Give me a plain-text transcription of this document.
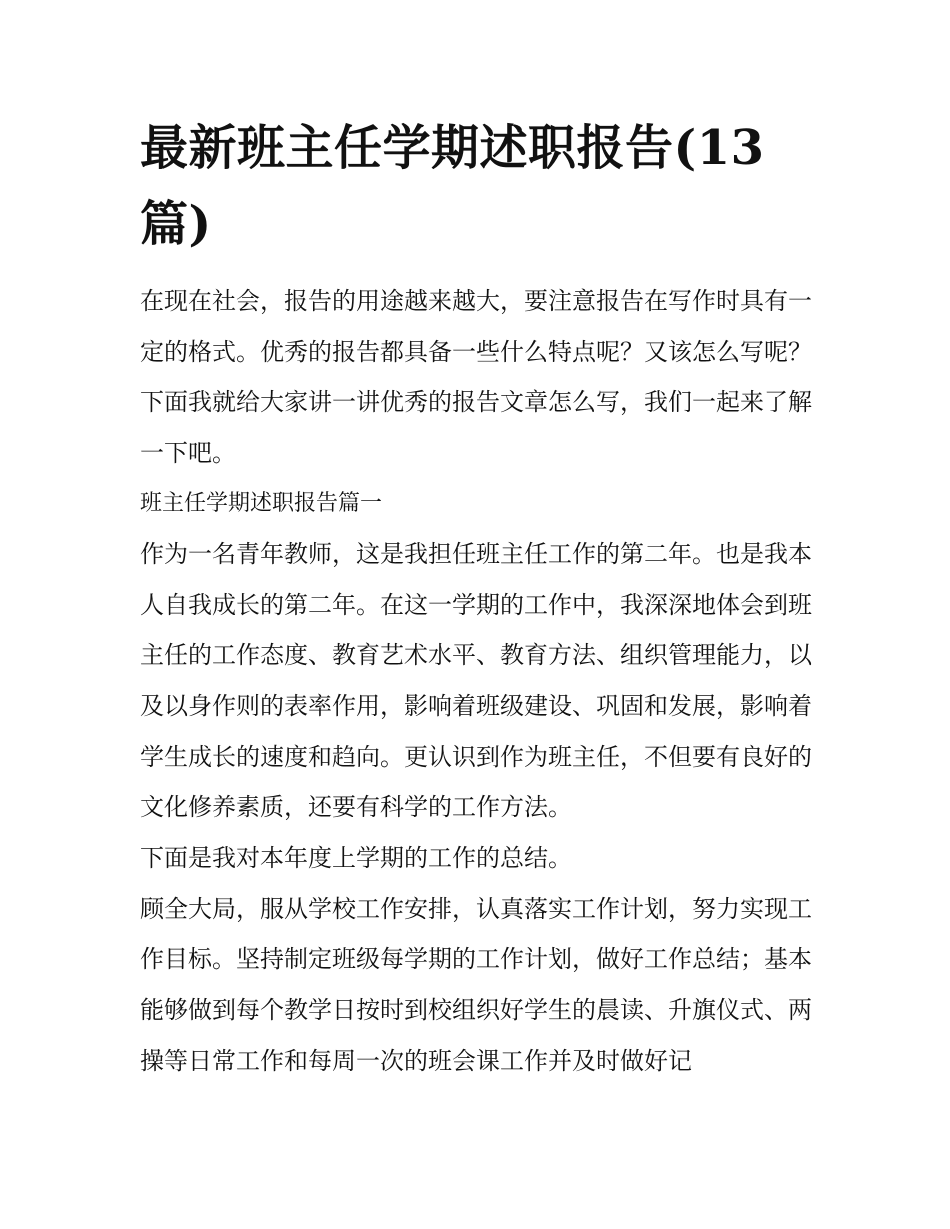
最新班主任学期述职报告(13篇)

在现在社会，报告的用途越来越大，要注意报告在写作时具有一定的格式。优秀的报告都具备一些什么特点呢？又该怎么写呢？下面我就给大家讲一讲优秀的报告文章怎么写，我们一起来了解一下吧。

班主任学期述职报告篇一

作为一名青年教师，这是我担任班主任工作的第二年。也是我本人自我成长的第二年。在这一学期的工作中，我深深地体会到班主任的工作态度、教育艺术水平、教育方法、组织管理能力，以及以身作则的表率作用，影响着班级建设、巩固和发展，影响着学生成长的速度和趋向。更认识到作为班主任，不但要有良好的文化修养素质，还要有科学的工作方法。

下面是我对本年度上学期的工作的总结。

顾全大局，服从学校工作安排，认真落实工作计划，努力实现工作目标。坚持制定班级每学期的工作计划，做好工作总结；基本能够做到每个教学日按时到校组织好学生的晨读、升旗仪式、两操等日常工作和每周一次的班会课工作并及时做好记
